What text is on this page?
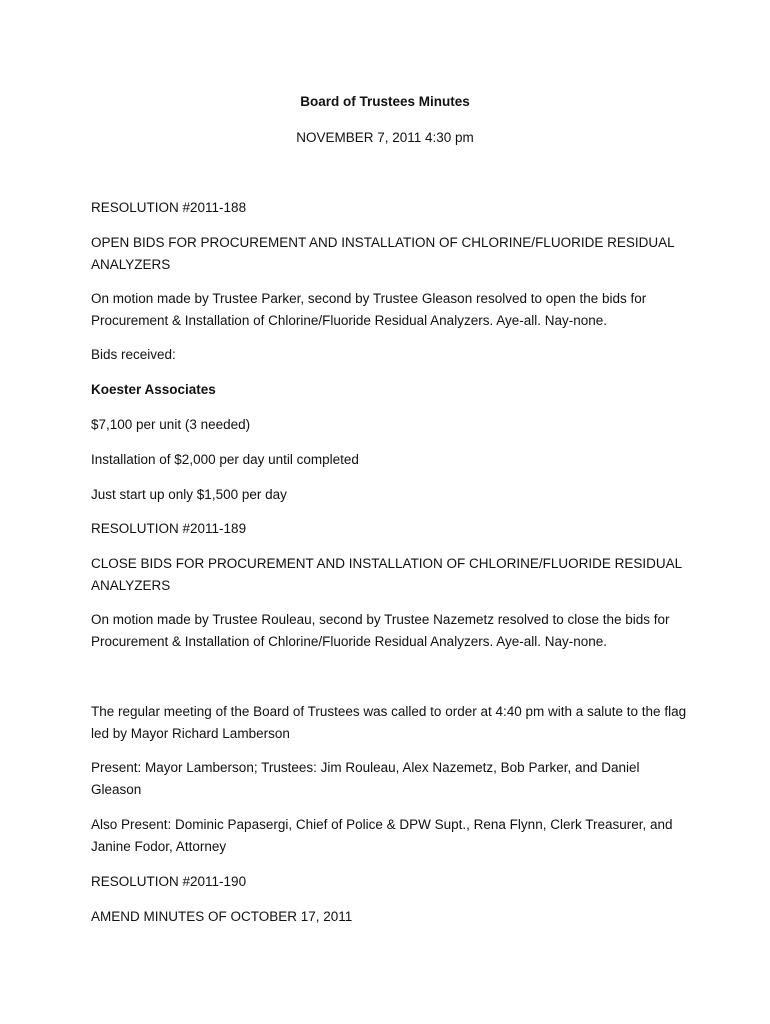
Board of Trustees Minutes
NOVEMBER 7, 2011 4:30 pm

RESOLUTION #2011-188

OPEN BIDS FOR PROCUREMENT AND INSTALLATION OF CHLORINE/FLUORIDE RESIDUAL ANALYZERS

On motion made by Trustee Parker, second by Trustee Gleason resolved to open the bids for Procurement & Installation of Chlorine/Fluoride Residual Analyzers. Aye-all. Nay-none.

Bids received:

Koester Associates

$7,100 per unit (3 needed)

Installation of $2,000 per day until completed

Just start up only $1,500 per day

RESOLUTION #2011-189

CLOSE BIDS FOR PROCUREMENT AND INSTALLATION OF CHLORINE/FLUORIDE RESIDUAL ANALYZERS

On motion made by Trustee Rouleau, second by Trustee Nazemetz resolved to close the bids for Procurement & Installation of Chlorine/Fluoride Residual Analyzers. Aye-all. Nay-none.

The regular meeting of the Board of Trustees was called to order at 4:40 pm with a salute to the flag led by Mayor Richard Lamberson

Present: Mayor Lamberson; Trustees: Jim Rouleau, Alex Nazemetz, Bob Parker, and Daniel Gleason

Also Present: Dominic Papasergi, Chief of Police & DPW Supt., Rena Flynn, Clerk Treasurer, and Janine Fodor, Attorney

RESOLUTION #2011-190

AMEND MINUTES OF OCTOBER 17, 2011
